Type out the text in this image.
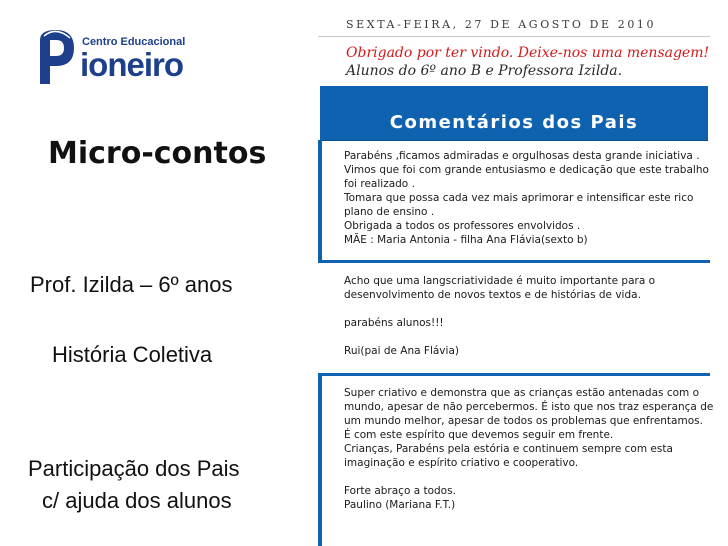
Centro Educacional
ioneiro
Micro-contos
Prof. Izilda – 6º anos
História Coletiva
Participação dos Pais
c/ ajuda dos alunos
SEXTA-FEIRA, 27 DE AGOSTO DE 2010
Obrigado por ter vindo. Deixe-nos uma mensagem!
Alunos do 6º ano B e Professora Izilda.
Comentários dos Pais
Parabéns ,ficamos admiradas e orgulhosas desta grande iniciativa .
Vimos que foi com grande entusiasmo e dedicação que este trabalho
foi realizado .
Tomara que possa cada vez mais aprimorar e intensificar este rico
plano de ensino .
Obrigada a todos os professores envolvidos .
MÃE : Maria Antonia - filha Ana Flávia(sexto b)
Acho que uma langscriatividade é muito importante para o
desenvolvimento de novos textos e de histórias de vida.
parabéns alunos!!!
Rui(pai de Ana Flávia)
Super criativo e demonstra que as crianças estão antenadas com o
mundo, apesar de não percebermos. É isto que nos traz esperança de
um mundo melhor, apesar de todos os problemas que enfrentamos.
É com este espírito que devemos seguir em frente.
Crianças, Parabéns pela estória e continuem sempre com esta
imaginação e espírito criativo e cooperativo.
Forte abraço a todos.
Paulino (Mariana F.T.)
